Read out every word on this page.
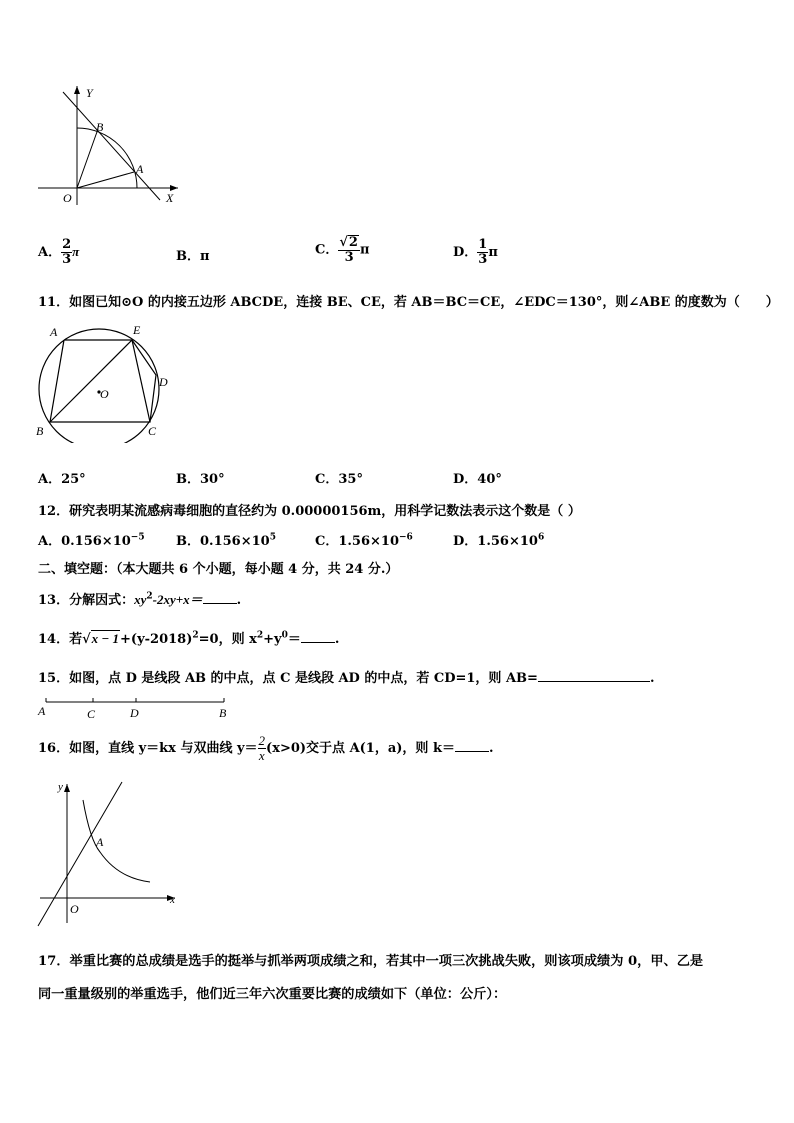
Y
X
O
B
A
A． $\frac{2}{3}$ π	B．π	C． $\frac{√2}{3}$ π	D． $\frac{1}{3}$ π
11．如图已知⊙O 的内接五边形 ABCDE，连接 BE、CE，若 AB＝BC＝CE，∠EDC＝130°，则∠ABE 的度数为（　　）
A	E
D
C
B
O
A．25°	B．30°	C．35°	D．40°
12．研究表明某流感病毒细胞的直径约为 0.00000156m，用科学记数法表示这个数是（ ）
A．$0.156\times 10^{-5}$ B．$0.156\times 10^5$	C．$1.56\times 10^{-6}$	D．$1.56\times 10^6$
二、填空题：（本大题共 6 个小题，每小题 4 分，共 24 分.）
13．分解因式：$xy^2-2xy+x=$	.
14．若$√x - 1+(y-2018)^2=0$，则 $x^2+y^0=$	.
15．如图，点 D 是线段 AB 的中点，点 C 是线段 AD 的中点，若 CD=1，则 AB=	.
A	C	D	B
16．如图，直线 y＝kx 与双曲线 $y= \frac{2}{x} (x>0)$交于点 A(1，a)，则 k＝	.
y
x
O
A
17．举重比赛的总成绩是选手的挺举与抓举两项成绩之和，若其中一项三次挑战失败，则该项成绩为 0，甲、乙是
同一重量级别的举重选手，他们近三年六次重要比赛的成绩如下（单位：公斤）：
